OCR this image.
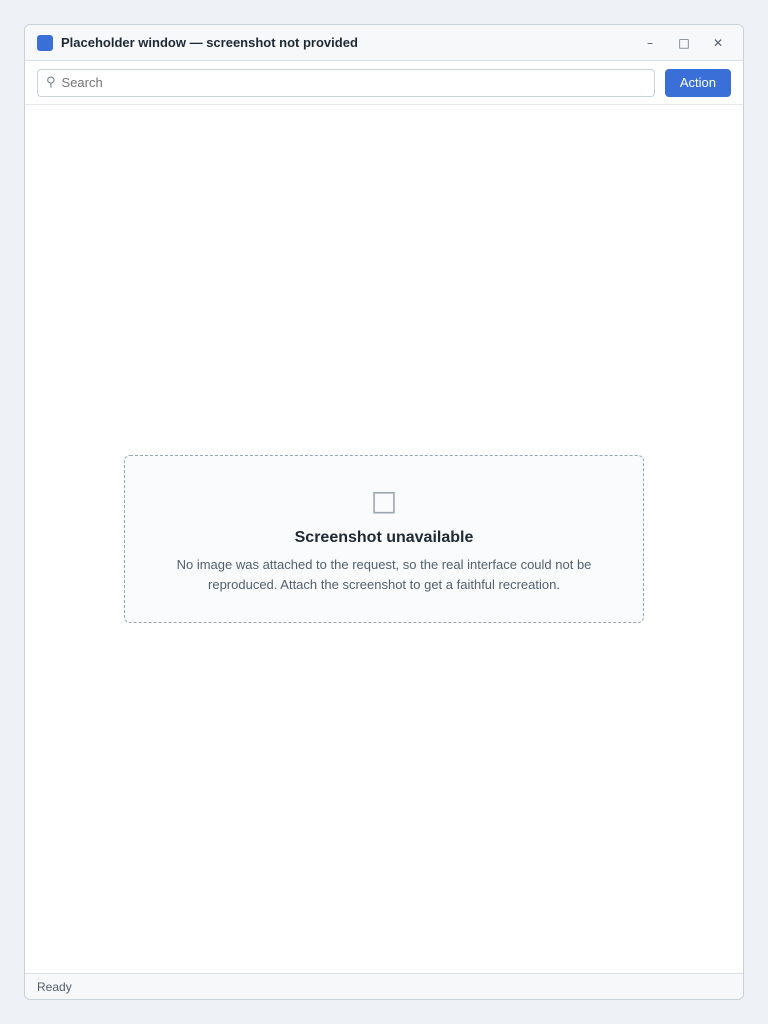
Placeholder window — screenshot not provided	–	□	✕
⚲
Search	Action
□
Screenshot unavailable
No image was attached to the request, so the real interface could not be reproduced. Attach the screenshot to get a faithful recreation.
Ready
